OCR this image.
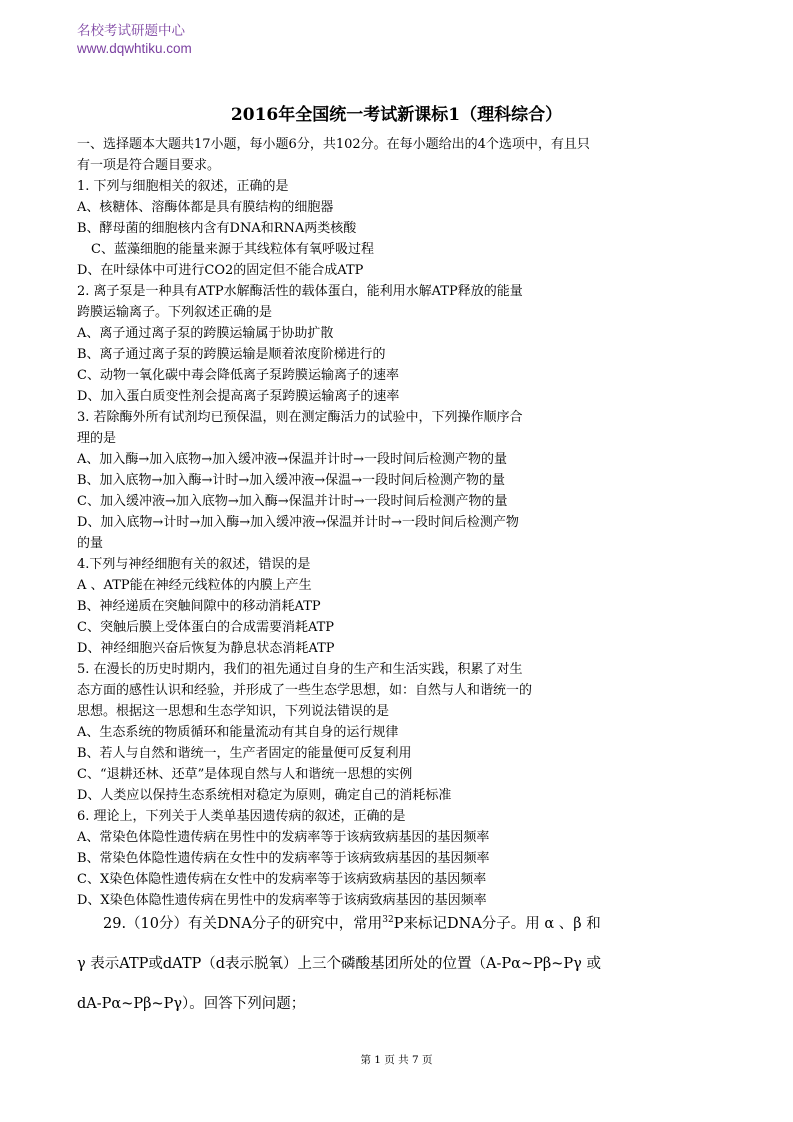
名校考试研题中心
www.dqwhtiku.com
2016年全国统一考试新课标1（理科综合）
一、选择题本大题共17小题，每小题6分，共102分。在每小题给出的4个选项中，有且只
有一项是符合题目要求。
1. 下列与细胞相关的叙述，正确的是
A、核糖体、溶酶体都是具有膜结构的细胞器
B、酵母菌的细胞核内含有DNA和RNA两类核酸
C、蓝藻细胞的能量来源于其线粒体有氧呼吸过程
D、在叶绿体中可进行CO2的固定但不能合成ATP
2. 离子泵是一种具有ATP水解酶活性的载体蛋白，能利用水解ATP释放的能量
跨膜运输离子。下列叙述正确的是
A、离子通过离子泵的跨膜运输属于协助扩散
B、离子通过离子泵的跨膜运输是顺着浓度阶梯进行的
C、动物一氧化碳中毒会降低离子泵跨膜运输离子的速率
D、加入蛋白质变性剂会提高离子泵跨膜运输离子的速率
3. 若除酶外所有试剂均已预保温，则在测定酶活力的试验中，下列操作顺序合
理的是
A、加入酶→加入底物→加入缓冲液→保温并计时→一段时间后检测产物的量
B、加入底物→加入酶→计时→加入缓冲液→保温→一段时间后检测产物的量
C、加入缓冲液→加入底物→加入酶→保温并计时→一段时间后检测产物的量
D、加入底物→计时→加入酶→加入缓冲液→保温并计时→一段时间后检测产物
的量
4.下列与神经细胞有关的叙述，错误的是
A 、ATP能在神经元线粒体的内膜上产生
B、神经递质在突触间隙中的移动消耗ATP
C、突触后膜上受体蛋白的合成需要消耗ATP
D、神经细胞兴奋后恢复为静息状态消耗ATP
5. 在漫长的历史时期内，我们的祖先通过自身的生产和生活实践，积累了对生
态方面的感性认识和经验，并形成了一些生态学思想，如：自然与人和谐统一的
思想。根据这一思想和生态学知识，下列说法错误的是
A、生态系统的物质循环和能量流动有其自身的运行规律
B、若人与自然和谐统一，生产者固定的能量便可反复利用
C、“退耕还林、还草”是体现自然与人和谐统一思想的实例
D、人类应以保持生态系统相对稳定为原则，确定自己的消耗标准
6. 理论上，下列关于人类单基因遗传病的叙述，正确的是
A、常染色体隐性遗传病在男性中的发病率等于该病致病基因的基因频率
B、常染色体隐性遗传病在女性中的发病率等于该病致病基因的基因频率
C、X染色体隐性遗传病在女性中的发病率等于该病致病基因的基因频率
D、X染色体隐性遗传病在男性中的发病率等于该病致病基因的基因频率
29.（10分）有关DNA分子的研究中，常用$^{32}$P来标记DNA分子。用 α 、β 和
γ 表示ATP或dATP（d表示脱氧）上三个磷酸基团所处的位置（A-Pα~Pβ~Pγ 或
dA-Pα~Pβ~Pγ）。回答下列问题；
第 1 页 共 7 页
